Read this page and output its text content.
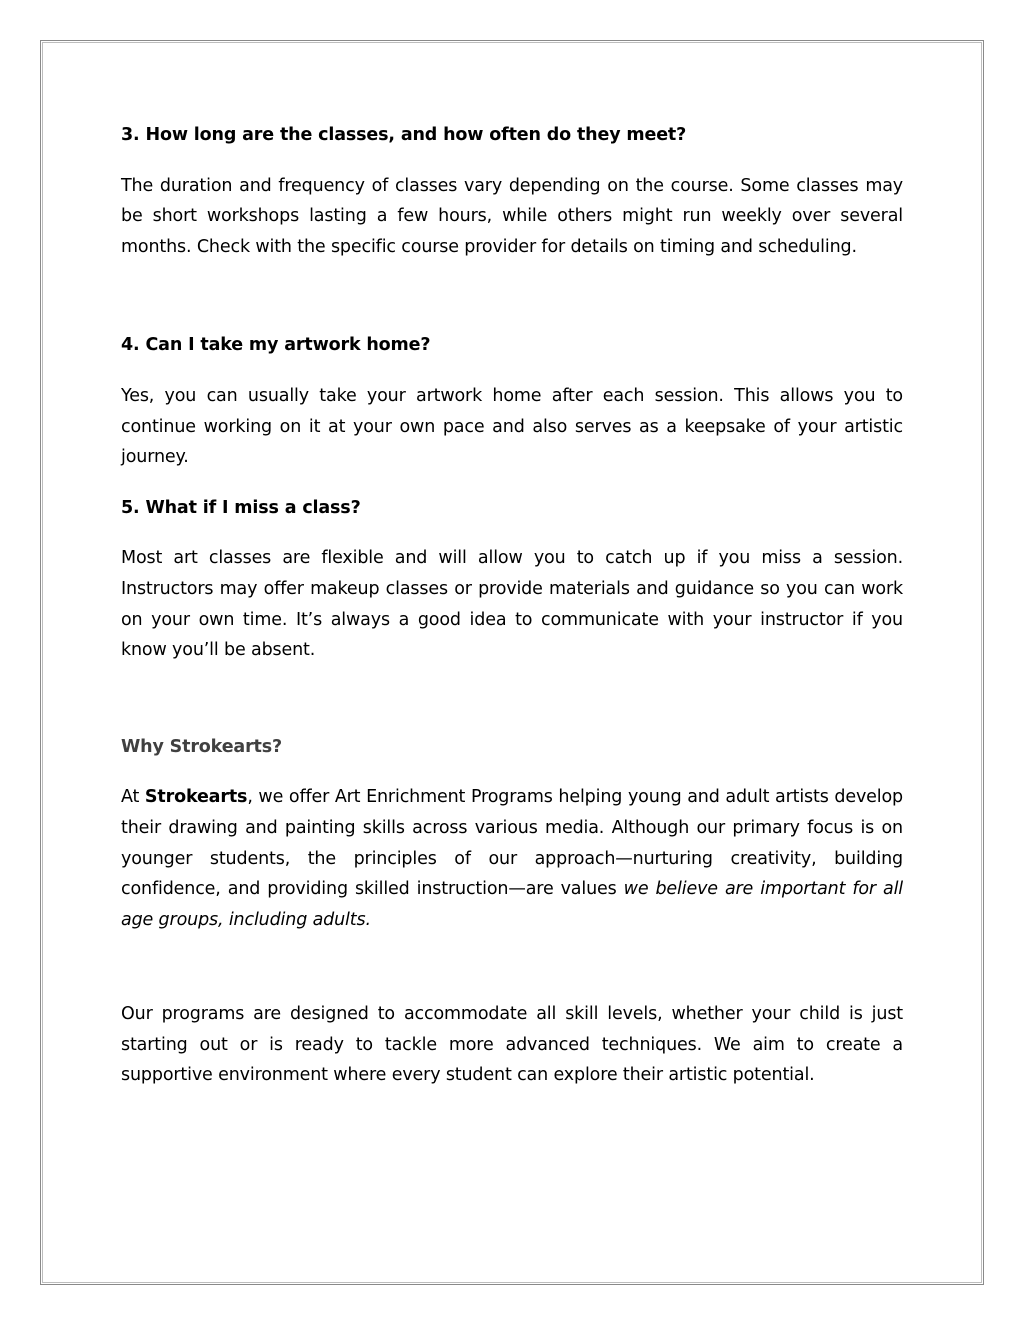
3. How long are the classes, and how often do they meet?

The duration and frequency of classes vary depending on the course. Some classes may be short workshops lasting a few hours, while others might run weekly over several months. Check with the specific course provider for details on timing and scheduling.

4. Can I take my artwork home?

Yes, you can usually take your artwork home after each session. This allows you to continue working on it at your own pace and also serves as a keepsake of your artistic journey.

5. What if I miss a class?

Most art classes are flexible and will allow you to catch up if you miss a session. Instructors may offer makeup classes or provide materials and guidance so you can work on your own time. It’s always a good idea to communicate with your instructor if you know you’ll be absent.

Why Strokearts?

At Strokearts, we offer Art Enrichment Programs helping young and adult artists develop their drawing and painting skills across various media. Although our primary focus is on younger students, the principles of our approach—nurturing creativity, building confidence, and providing skilled instruction—are values we believe are important for all age groups, including adults.

Our programs are designed to accommodate all skill levels, whether your child is just starting out or is ready to tackle more advanced techniques. We aim to create a supportive environment where every student can explore their artistic potential.
